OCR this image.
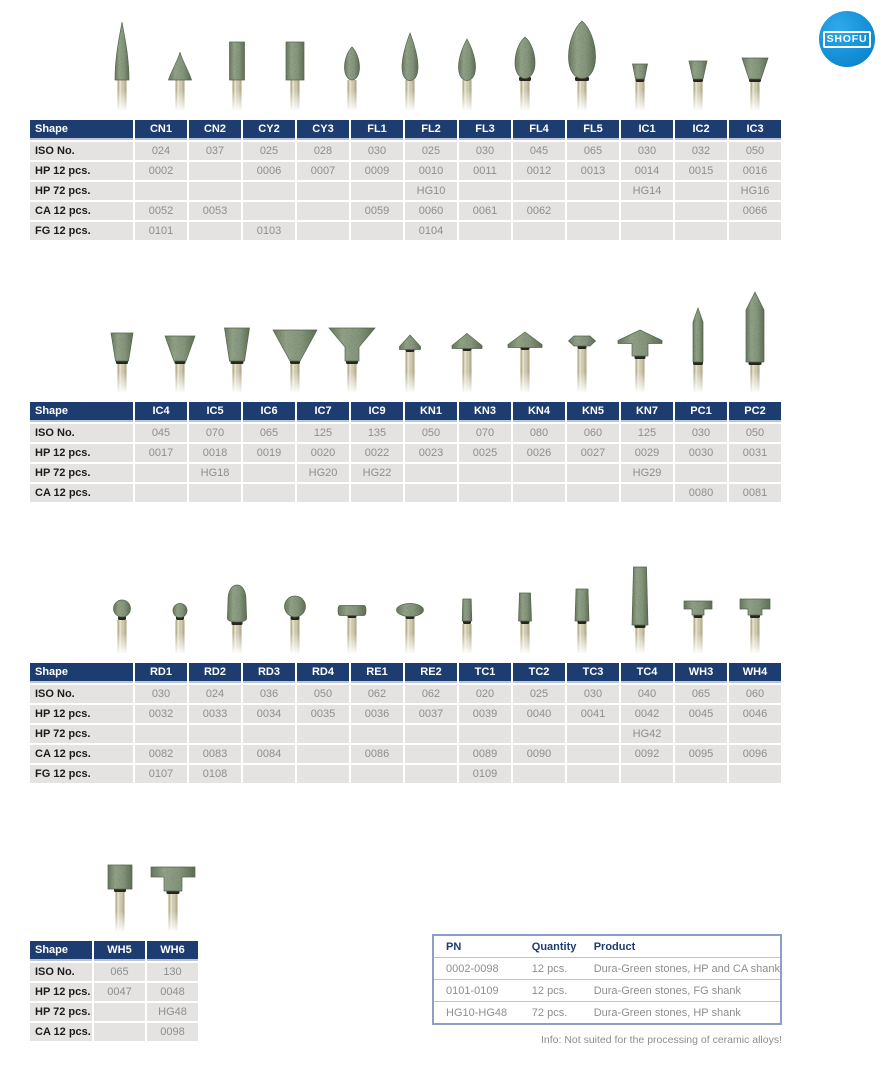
SHOFU
Shape	CN1	CN2	CY2	CY3	FL1	FL2	FL3	FL4	FL5	IC1	IC2	IC3
ISO No.	024	037	025	028	030	025	030	045	065	030	032	050
HP 12 pcs.	0002		0006	0007	0009	0010	0011	0012	0013	0014	0015	0016
HP 72 pcs.						HG10				HG14		HG16
CA 12 pcs.	0052	0053			0059	0060	0061	0062				0066
FG 12 pcs.	0101		0103			0104						
Shape	IC4	IC5	IC6	IC7	IC9	KN1	KN3	KN4	KN5	KN7	PC1	PC2
ISO No.	045	070	065	125	135	050	070	080	060	125	030	050
HP 12 pcs.	0017	0018	0019	0020	0022	0023	0025	0026	0027	0029	0030	0031
HP 72 pcs.		HG18		HG20	HG22					HG29		
CA 12 pcs.											0080	0081
Shape	RD1	RD2	RD3	RD4	RE1	RE2	TC1	TC2	TC3	TC4	WH3	WH4
ISO No.	030	024	036	050	062	062	020	025	030	040	065	060
HP 12 pcs.	0032	0033	0034	0035	0036	0037	0039	0040	0041	0042	0045	0046
HP 72 pcs.										HG42		
CA 12 pcs.	0082	0083	0084		0086		0089	0090		0092	0095	0096
FG 12 pcs.	0107	0108					0109					
Shape	WH5	WH6
ISO No.	065	130
HP 12 pcs.	0047	0048
HP 72 pcs.		HG48
CA 12 pcs.		0098
PN	Quantity	Product
0002-0098	12 pcs.	Dura-Green stones, HP and CA shank
0101-0109	12 pcs.	Dura-Green stones, FG shank
HG10-HG48	72 pcs.	Dura-Green stones, HP shank
Info: Not suited for the processing of ceramic alloys!
